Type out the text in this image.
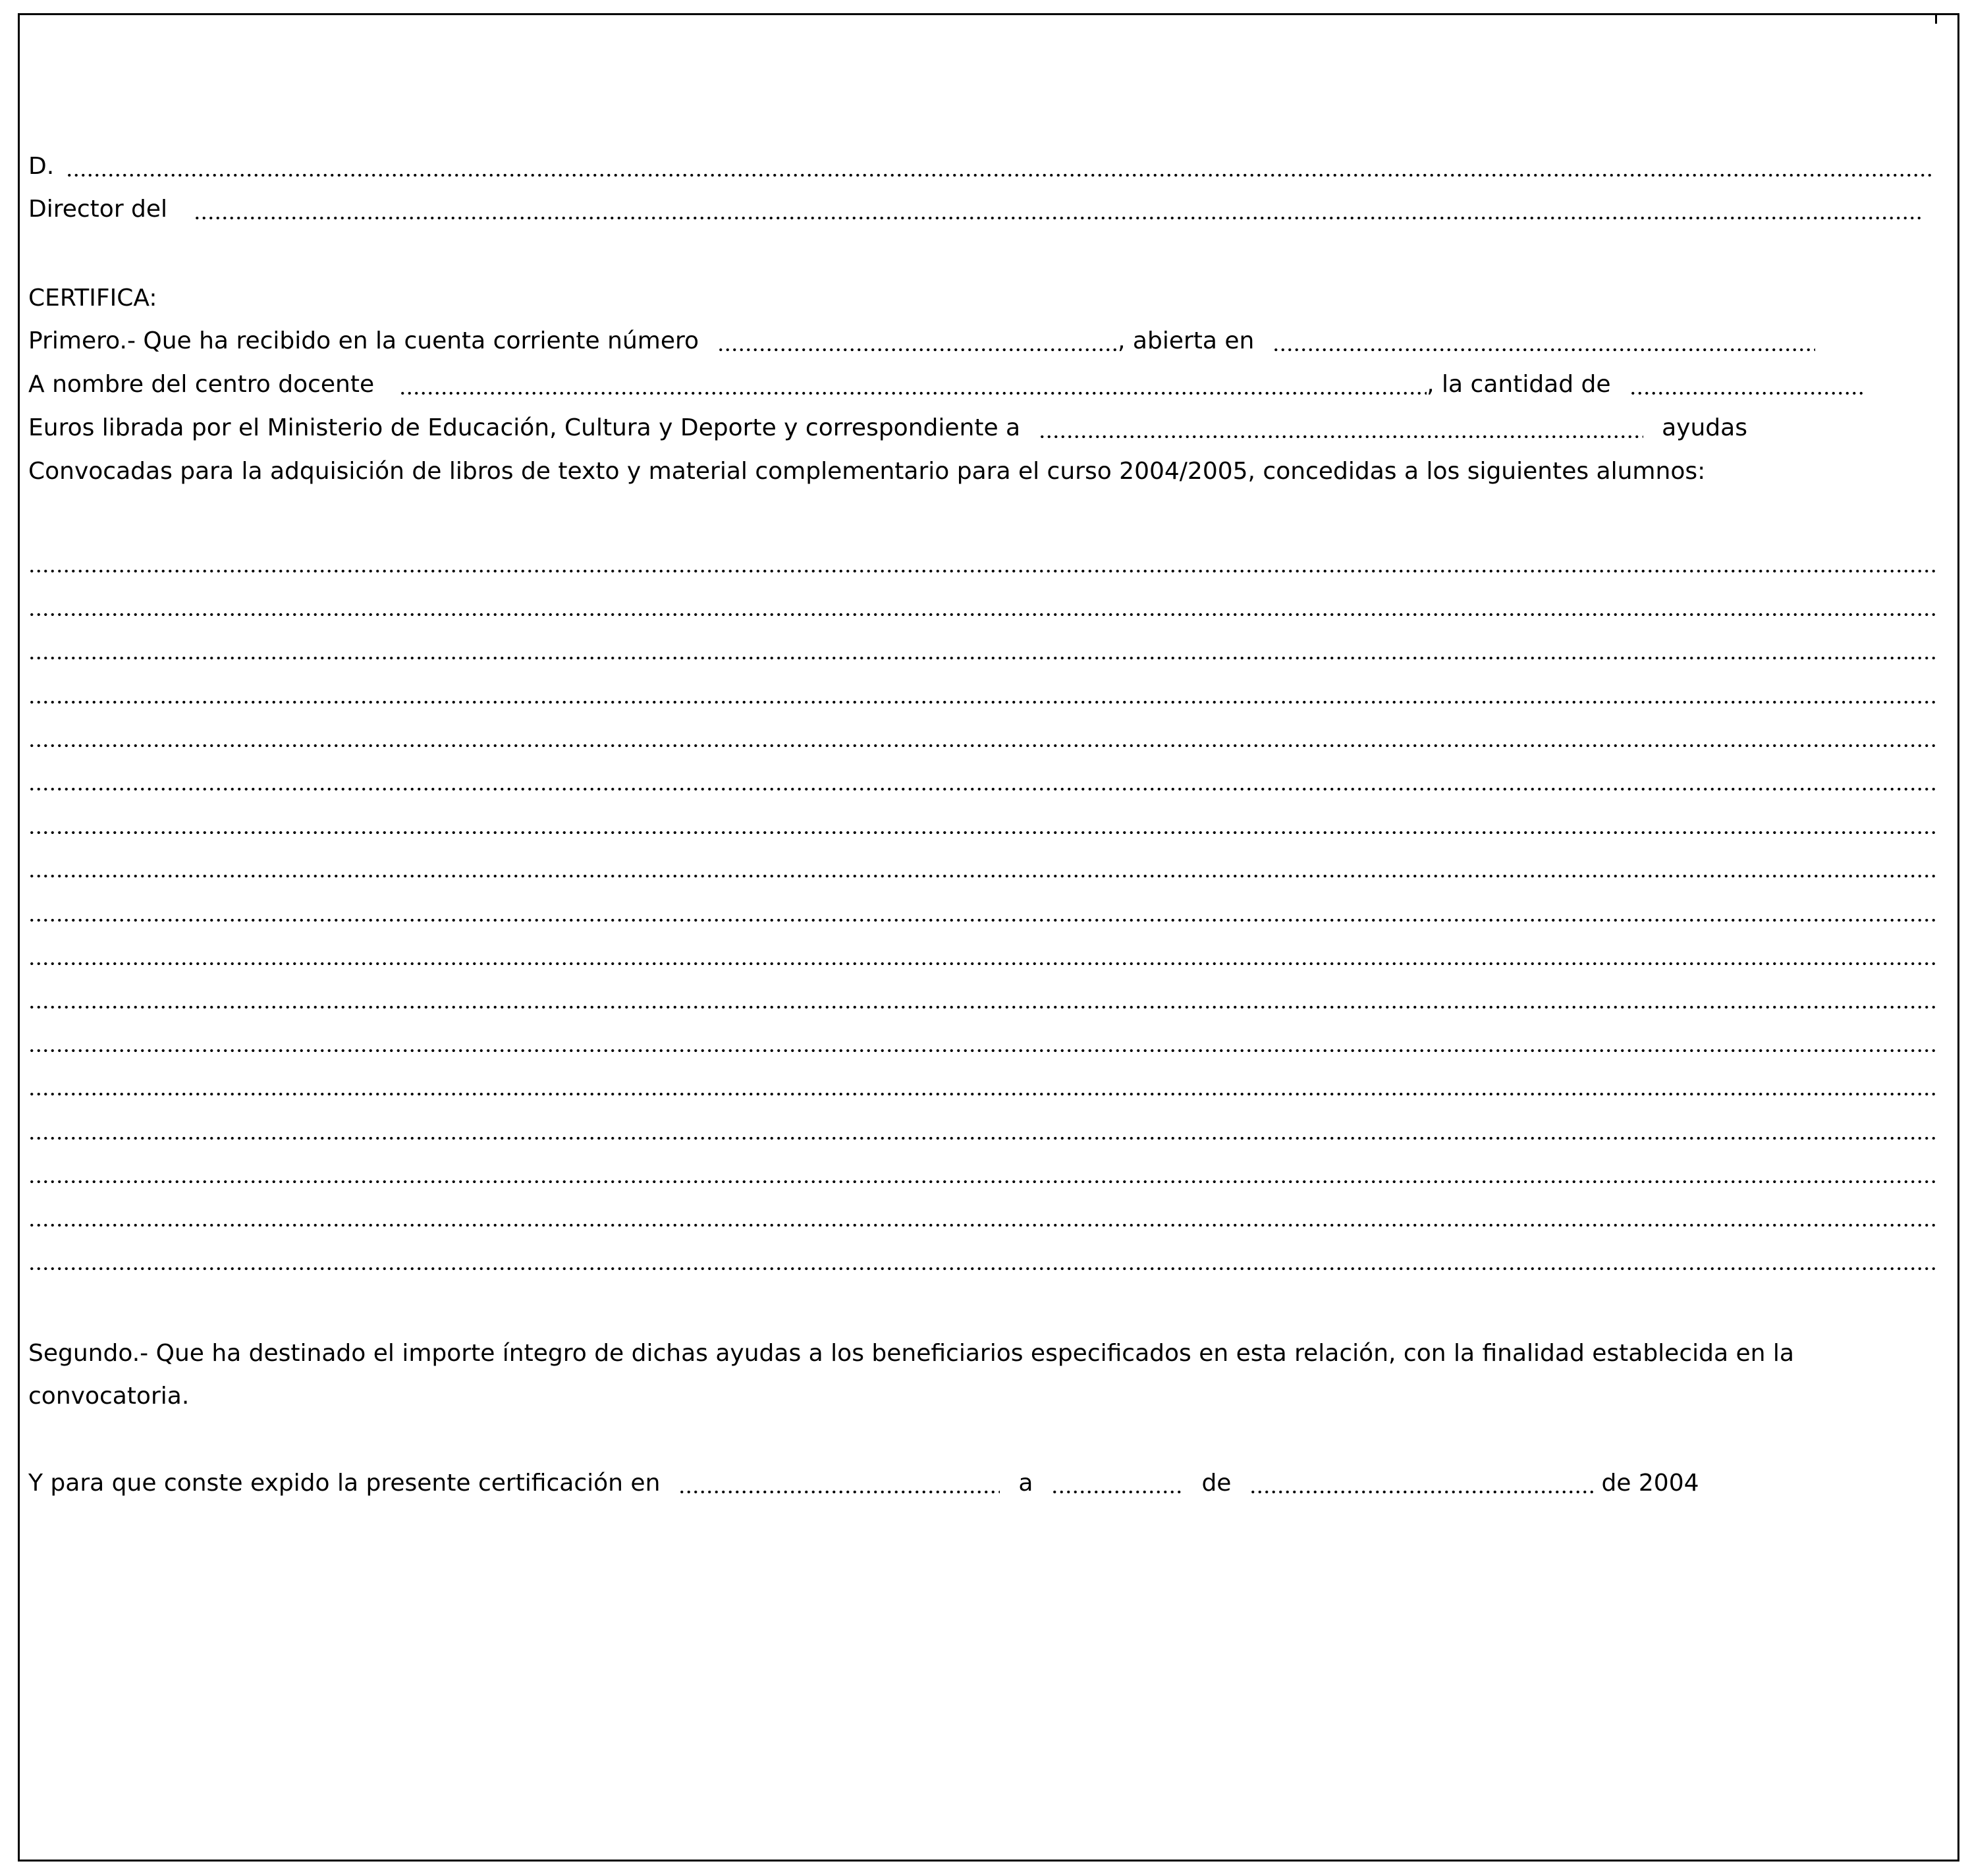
D.
Director del
CERTIFICA:
Primero.- Que ha recibido en la cuenta corriente número	, abierta en
A nombre del centro docente	, la cantidad de
Euros librada por el Ministerio de Educación, Cultura y Deporte y correspondiente a	ayudas
Convocadas para la adquisición de libros de texto y material complementario para el curso 2004/2005, concedidas a los siguientes alumnos:
Segundo.- Que ha destinado el importe íntegro de dichas ayudas a los beneficiarios especificados en esta relación, con la finalidad establecida en la convocatoria.
Y para que conste expido la presente certificación en	a	de	de 2004
